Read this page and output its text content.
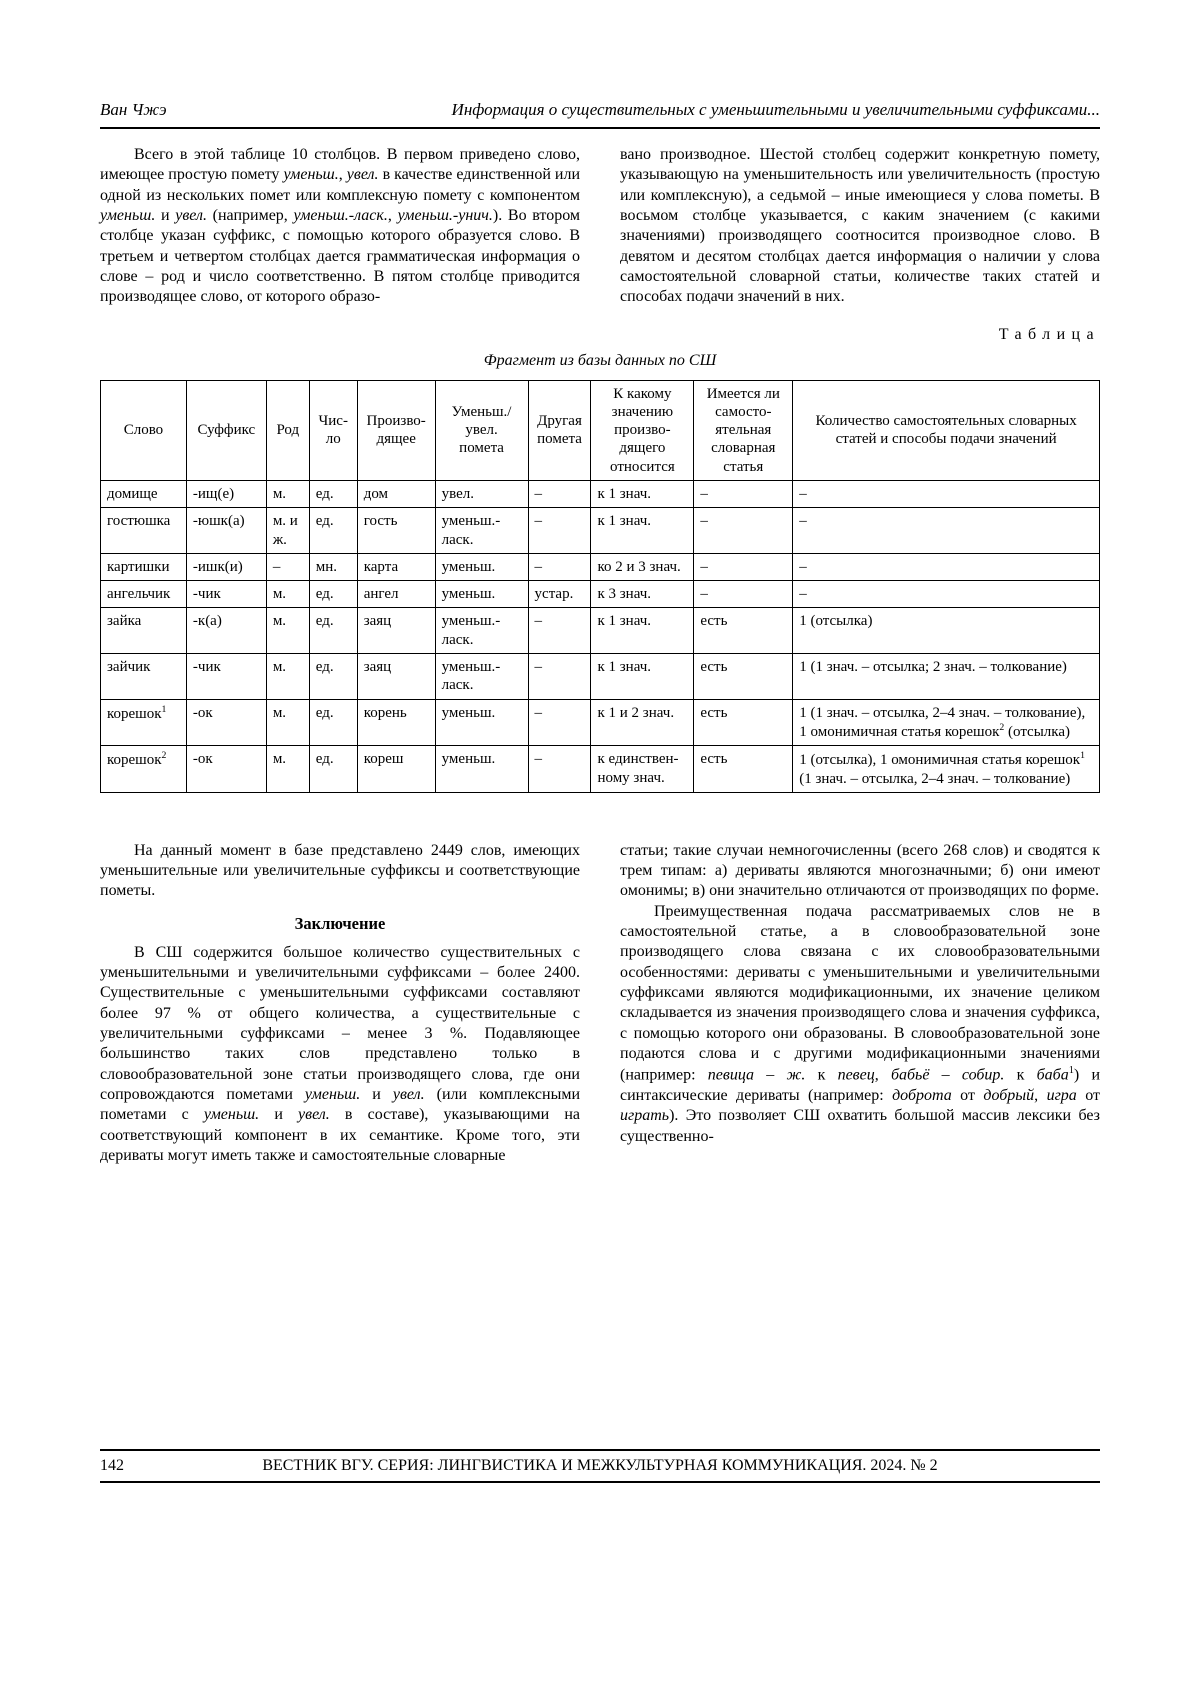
Ван Чжэ	Информация о существительных с уменьшительными и увеличительными суффиксами...

Всего в этой таблице 10 столбцов. В первом приведено слово, имеющее простую помету уменьш., увел. в качестве единственной или одной из нескольких помет или комплексную помету с компонентом уменьш. и увел. (например, уменьш.-ласк., уменьш.-унич.). Во втором столбце указан суффикс, с помощью которого образуется слово. В третьем и четвертом столбцах дается грамматическая информация о слове – род и число соответственно. В пятом столбце приводится производящее слово, от которого образо-

вано производное. Шестой столбец содержит конкретную помету, указывающую на уменьшительность или увеличительность (простую или комплексную), а седьмой – иные имеющиеся у слова пометы. В восьмом столбце указывается, с каким значением (с какими значениями) производящего соотносится производное слово. В девятом и десятом столбцах дается информация о наличии у слова самостоятельной словарной статьи, количестве таких статей и способах подачи значений в них.

Таблица
Фрагмент из базы данных по СШ
Слово	Суффикс	Род	Число	Производящее	Уменьш./увел. помета	Другая помета	К какому значению производящего относится	Имеется ли самостоятельная словарная статья	Количество самостоятельных словарных статей и способы подачи значений
домище	-ищ(е)	м.	ед.	дом	увел.	–	к 1 знач.	–	–
гостюшка	-юшк(а)	м. и ж.	ед.	гость	уменьш.-ласк.	–	к 1 знач.	–	–
картишки	-ишк(и)	–	мн.	карта	уменьш.	–	ко 2 и 3 знач.	–	–
ангельчик	-чик	м.	ед.	ангел	уменьш.	устар.	к 3 знач.	–	–
зайка	-к(а)	м.	ед.	заяц	уменьш.-ласк.	–	к 1 знач.	есть	1 (отсылка)
зайчик	-чик	м.	ед.	заяц	уменьш.-ласк.	–	к 1 знач.	есть	1 (1 знач. – отсылка; 2 знач. – толкование)
корешок$^1$	-ок	м.	ед.	корень	уменьш.	–	к 1 и 2 знач.	есть	1 (1 знач. – отсылка, 2–4 знач. – толкование), 1 омонимичная статья корешок$^2$ (отсылка)
корешок$^2$	-ок	м.	ед.	кореш	уменьш.	–	к единственному знач.	есть	1 (отсылка), 1 омонимичная статья корешок$^1$ (1 знач. – отсылка, 2–4 знач. – толкование)

На данный момент в базе представлено 2449 слов, имеющих уменьшительные или увеличительные суффиксы и соответствующие пометы.

Заключение

В СШ содержится большое количество существительных с уменьшительными и увеличительными суффиксами – более 2400. Существительные с уменьшительными суффиксами составляют более 97 % от общего количества, а существительные с увеличительными суффиксами – менее 3 %. Подавляющее большинство таких слов представлено только в словообразовательной зоне статьи производящего слова, где они сопровождаются пометами уменьш. и увел. (или комплексными пометами с уменьш. и увел. в составе), указывающими на соответствующий компонент в их семантике. Кроме того, эти дериваты могут иметь также и самостоятельные словарные

статьи; такие случаи немногочисленны (всего 268 слов) и сводятся к трем типам: а) дериваты являются многозначными; б) они имеют омонимы; в) они значительно отличаются от производящих по форме.

Преимущественная подача рассматриваемых слов не в самостоятельной статье, а в словообразовательной зоне производящего слова связана с их словообразовательными особенностями: дериваты с уменьшительными и увеличительными суффиксами являются модификационными, их значение целиком складывается из значения производящего слова и значения суффикса, с помощью которого они образованы. В словообразовательной зоне подаются слова и с другими модификационными значениями (например: певица – ж. к певец, бабьё – собир. к баба$^1$) и синтаксические дериваты (например: доброта от добрый, игра от играть). Это позволяет СШ охватить большой массив лексики без существенно-

142	ВЕСТНИК ВГУ. СЕРИЯ: ЛИНГВИСТИКА И МЕЖКУЛЬТУРНАЯ КОММУНИКАЦИЯ. 2024. № 2
